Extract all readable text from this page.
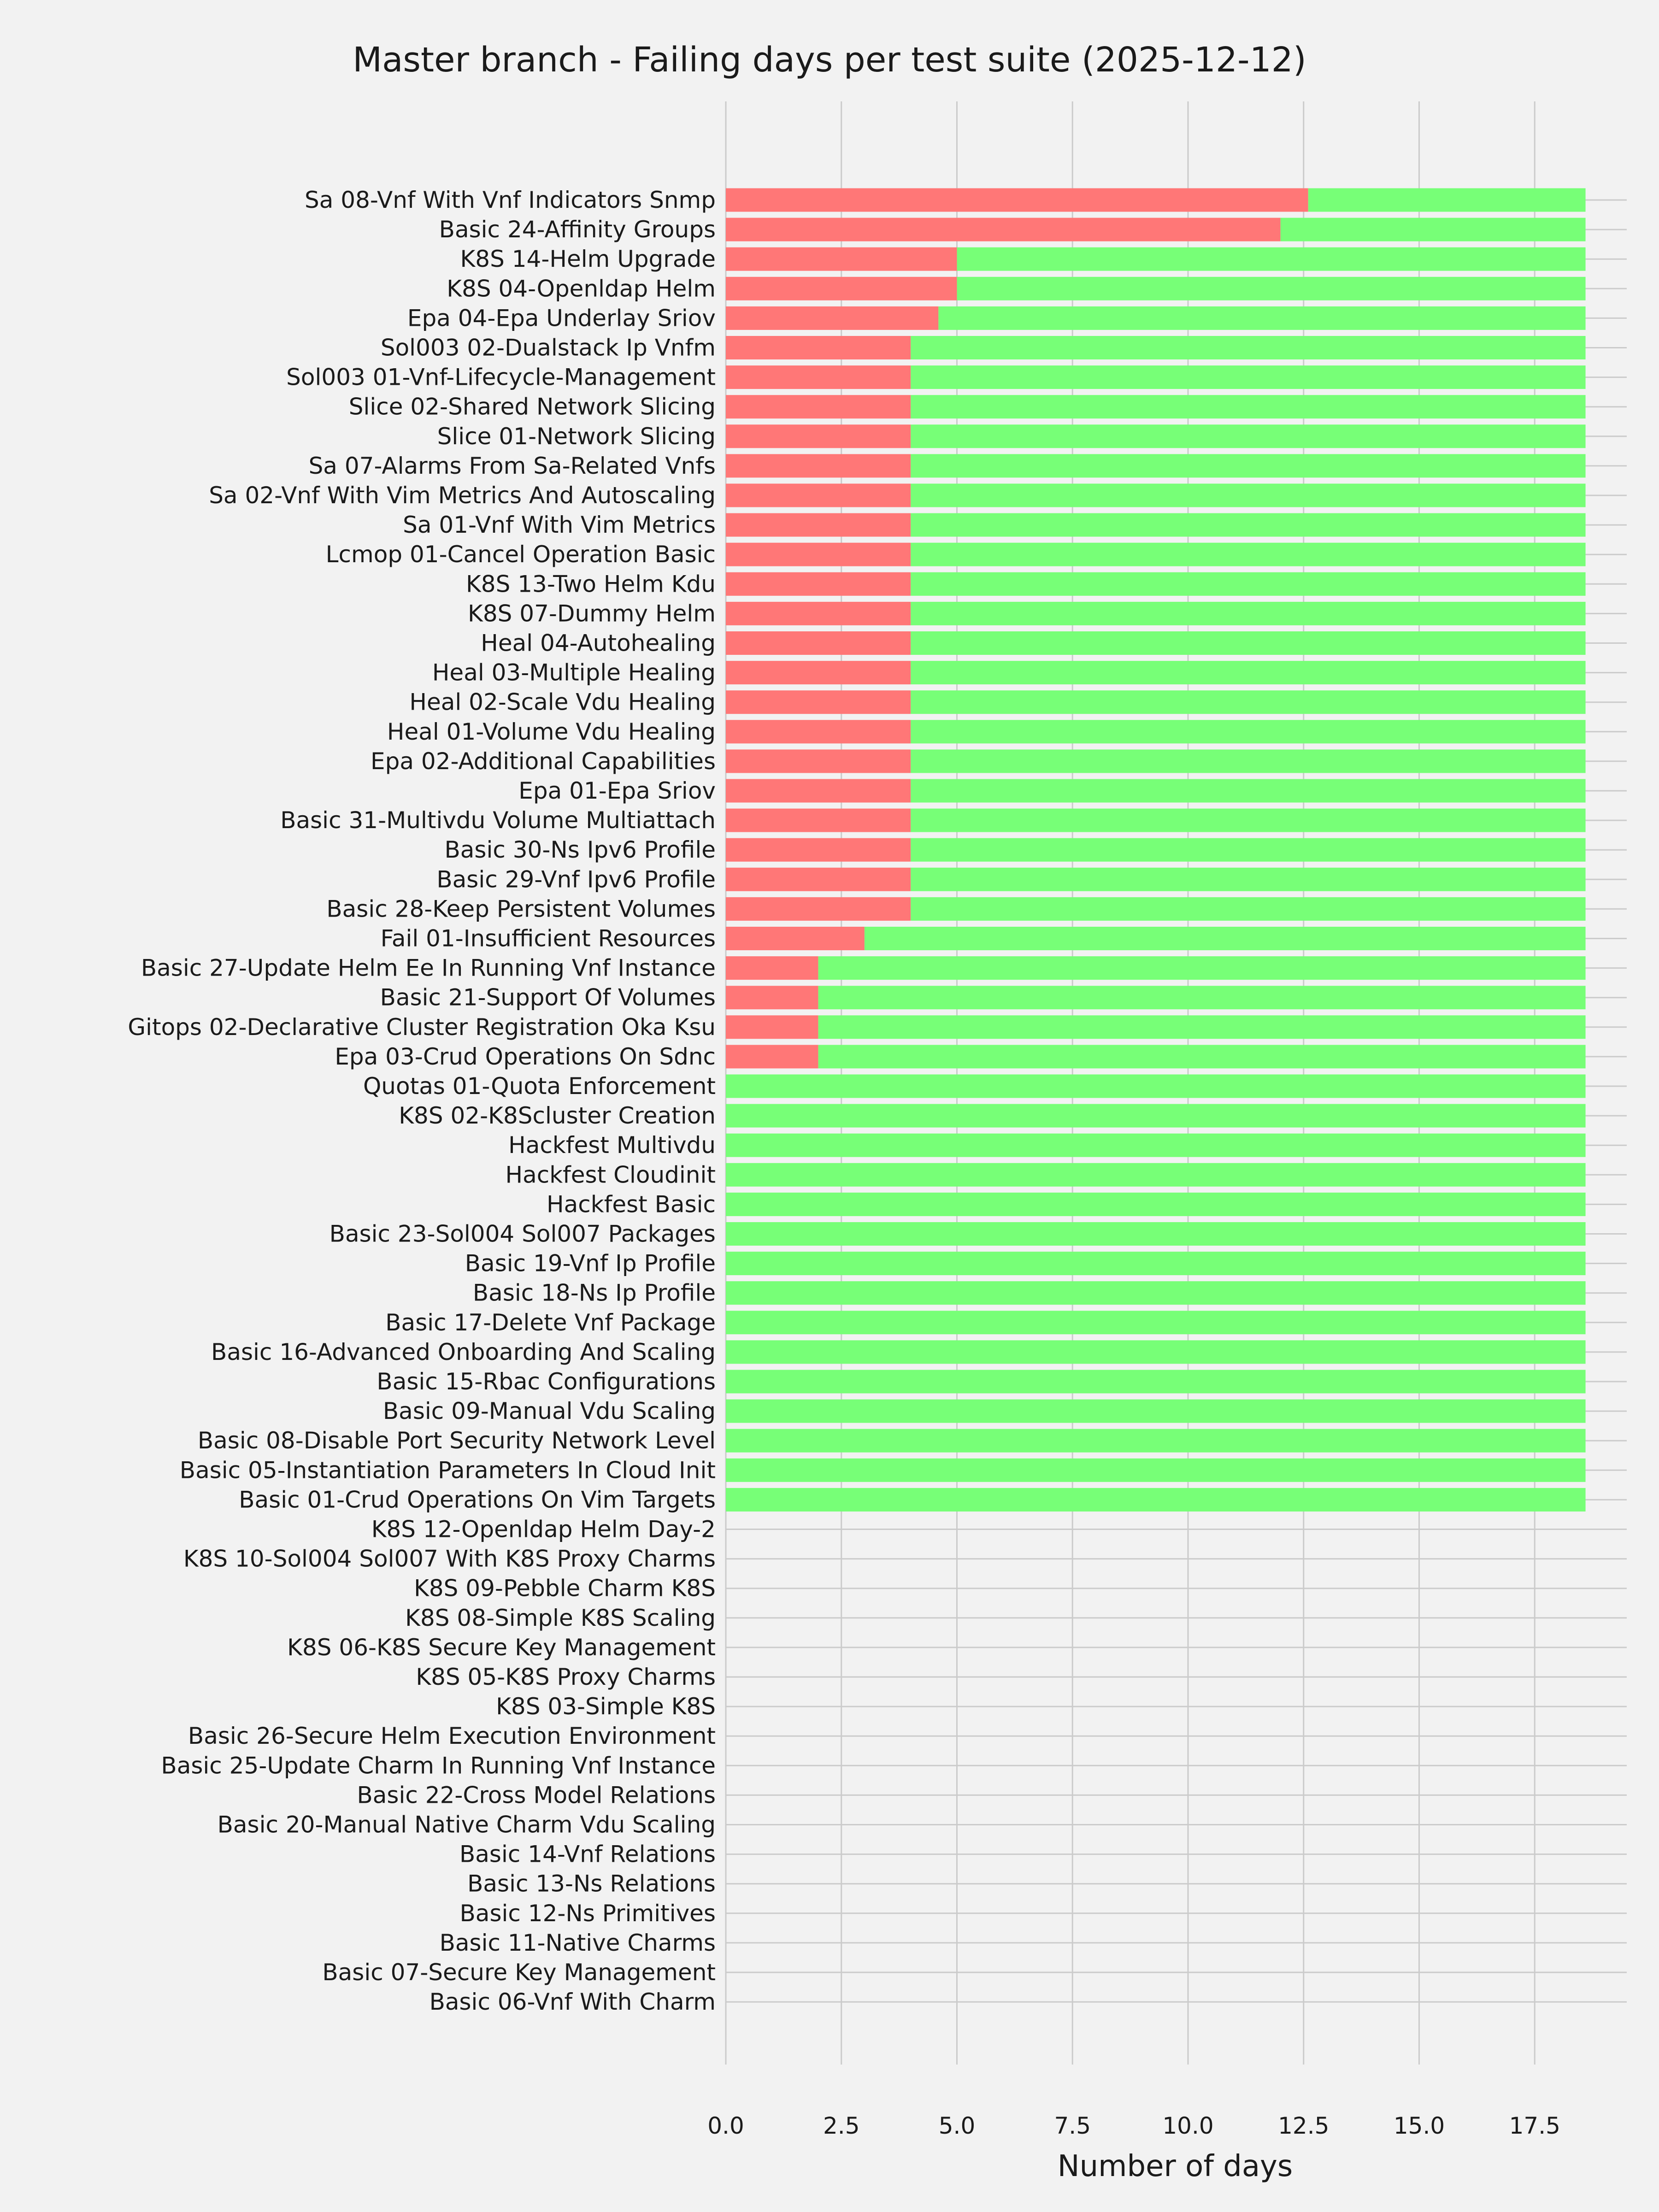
Master branch - Failing days per test suite (2025-12-12)
Sa 08-Vnf With Vnf Indicators Snmp
Basic 24-Affinity Groups
K8S 14-Helm Upgrade
K8S 04-Openldap Helm
Epa 04-Epa Underlay Sriov
Sol003 02-Dualstack Ip Vnfm
Sol003 01-Vnf-Lifecycle-Management
Slice 02-Shared Network Slicing
Slice 01-Network Slicing
Sa 07-Alarms From Sa-Related Vnfs
Sa 02-Vnf With Vim Metrics And Autoscaling
Sa 01-Vnf With Vim Metrics
Lcmop 01-Cancel Operation Basic
K8S 13-Two Helm Kdu
K8S 07-Dummy Helm
Heal 04-Autohealing
Heal 03-Multiple Healing
Heal 02-Scale Vdu Healing
Heal 01-Volume Vdu Healing
Epa 02-Additional Capabilities
Epa 01-Epa Sriov
Basic 31-Multivdu Volume Multiattach
Basic 30-Ns Ipv6 Profile
Basic 29-Vnf Ipv6 Profile
Basic 28-Keep Persistent Volumes
Fail 01-Insufficient Resources
Basic 27-Update Helm Ee In Running Vnf Instance
Basic 21-Support Of Volumes
Gitops 02-Declarative Cluster Registration Oka Ksu
Epa 03-Crud Operations On Sdnc
Quotas 01-Quota Enforcement
K8S 02-K8Scluster Creation
Hackfest Multivdu
Hackfest Cloudinit
Hackfest Basic
Basic 23-Sol004 Sol007 Packages
Basic 19-Vnf Ip Profile
Basic 18-Ns Ip Profile
Basic 17-Delete Vnf Package
Basic 16-Advanced Onboarding And Scaling
Basic 15-Rbac Configurations
Basic 09-Manual Vdu Scaling
Basic 08-Disable Port Security Network Level
Basic 05-Instantiation Parameters In Cloud Init
Basic 01-Crud Operations On Vim Targets
K8S 12-Openldap Helm Day-2
K8S 10-Sol004 Sol007 With K8S Proxy Charms
K8S 09-Pebble Charm K8S
K8S 08-Simple K8S Scaling
K8S 06-K8S Secure Key Management
K8S 05-K8S Proxy Charms
K8S 03-Simple K8S
Basic 26-Secure Helm Execution Environment
Basic 25-Update Charm In Running Vnf Instance
Basic 22-Cross Model Relations
Basic 20-Manual Native Charm Vdu Scaling
Basic 14-Vnf Relations
Basic 13-Ns Relations
Basic 12-Ns Primitives
Basic 11-Native Charms
Basic 07-Secure Key Management
Basic 06-Vnf With Charm
0.0	2.5	5.0	7.5	10.0	12.5	15.0	17.5
Number of days
